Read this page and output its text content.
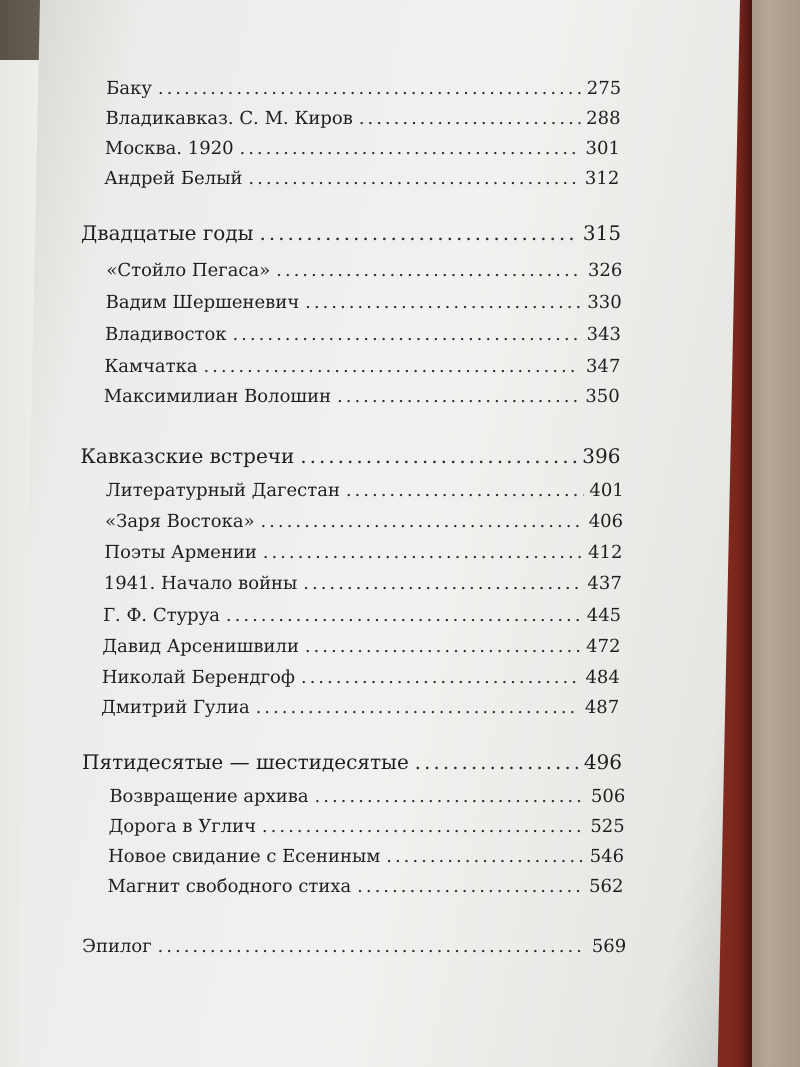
Баку .....	275
Владикавказ. С. М. Киров .....	288
Москва. 1920 .....	301
Андрей Белый .....	312
Двадцатые годы .....	315
«Стойло Пегаса» .....	326
Вадим Шершеневич .....	330
Владивосток .....	343
Камчатка .....	347
Максимилиан Волошин .....	350
Кавказские встречи .....	396
Литературный Дагестан .....	401
«Заря Востока» .....	406
Поэты Армении .....	412
1941. Начало войны .....	437
Г. Ф. Стуруа .....	445
Давид Арсенишвили .....	472
Николай Берендгоф .....	484
Дмитрий Гулиа .....	487
Пятидесятые — шестидесятые .....	496
Возвращение архива .....	506
Дорога в Углич .....	525
Новое свидание с Есениным .....	546
Магнит свободного стиха .....	562
Эпилог .....	569
